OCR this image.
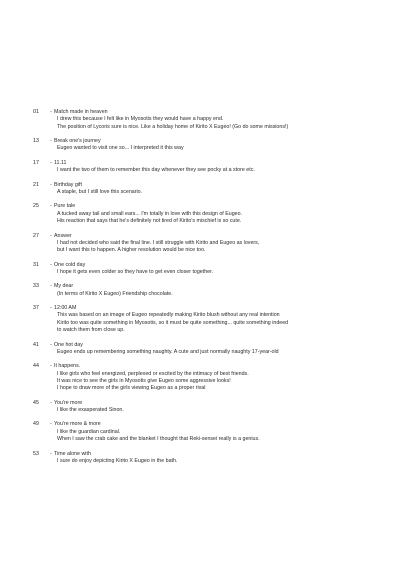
01	- Match made in heaven
I drew this because I felt like in Myosotis they would have a happy end.
The position of Lycoris sure is nice. Like a holiday home of Kirito X Eugeo! (Go do some missions!)
13	- Break one's journey
Eugeo wanted to visit one so... I interpreted it this way
17	- 11.11
I want the two of them to remember this day whenever they see pocky at a store etc.
21	- Birthday gift
A staple, but I still love this scenario.
25	- Pure tale
A tucked away tail and small ears... I'm totally in love with this design of Eugeo.
His reaction that says that he's definitely not tired of Kirito's mischief is so cute.
27	- Answer
I had not decided who said the final line. I still struggle with Kirito and Eugeo as lovers,
but I want this to happen. A higher resolution would be nice too.
31	- One cold day
I hope it gets even colder so they have to get even closer together.
33	- My dear
(In terms of Kirito X Eugeo) Friendship chocolate.
37	- 12:00 AM
This was based on an image of Eugeo repeatedly making Kirito blush without any real intention
Kirito too was quite something in Myosotis, so it must be quite something... quite something indeed
to watch them from close up.
41	- One hot day
Eugeo ends up remembering something naughty. A cute and just normally naughty 17-year-old
44	- It happens.
I like girls who feel energized, perplexed or excited by the intimacy of best friends.
It was nice to see the girls in Myosotis give Eugeo some aggressive looks!
I hope to draw more of the girls viewing Eugeo as a proper rival
45	- You're more
I like the exasperated Sinon.
49	- You're more & more
I like the guardian cardinal.
When I saw the crab cake and the blanket I thought that Reki-sensei really is a genius.
53	- Time alone with
I sure do enjoy depicting Kirito X Eugeo in the bath.
